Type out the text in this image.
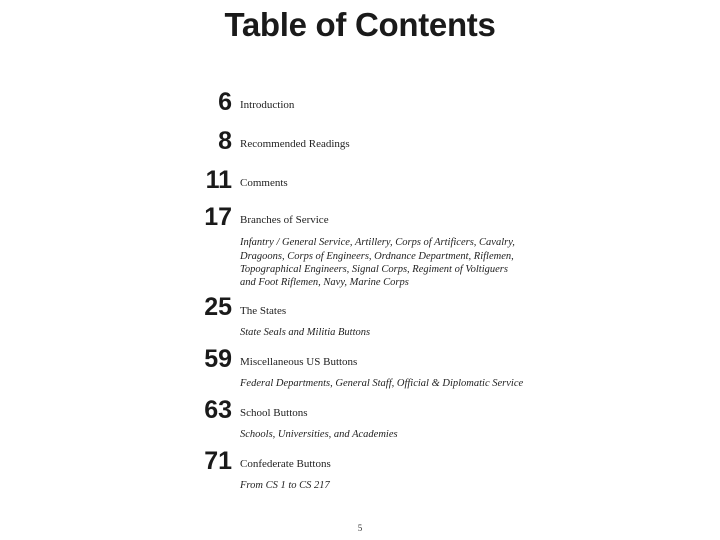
Table of Contents
6 Introduction
8 Recommended Readings
11 Comments
17 Branches of Service
Infantry / General Service, Artillery, Corps of Artificers, Cavalry,
Dragoons, Corps of Engineers, Ordnance Department, Riflemen,
Topographical Engineers, Signal Corps, Regiment of Voltiguers
and Foot Riflemen, Navy, Marine Corps
25 The States
State Seals and Militia Buttons
59 Miscellaneous US Buttons
Federal Departments, General Staff, Official & Diplomatic Service
63 School Buttons
Schools, Universities, and Academies
71 Confederate Buttons
From CS 1 to CS 217
5
